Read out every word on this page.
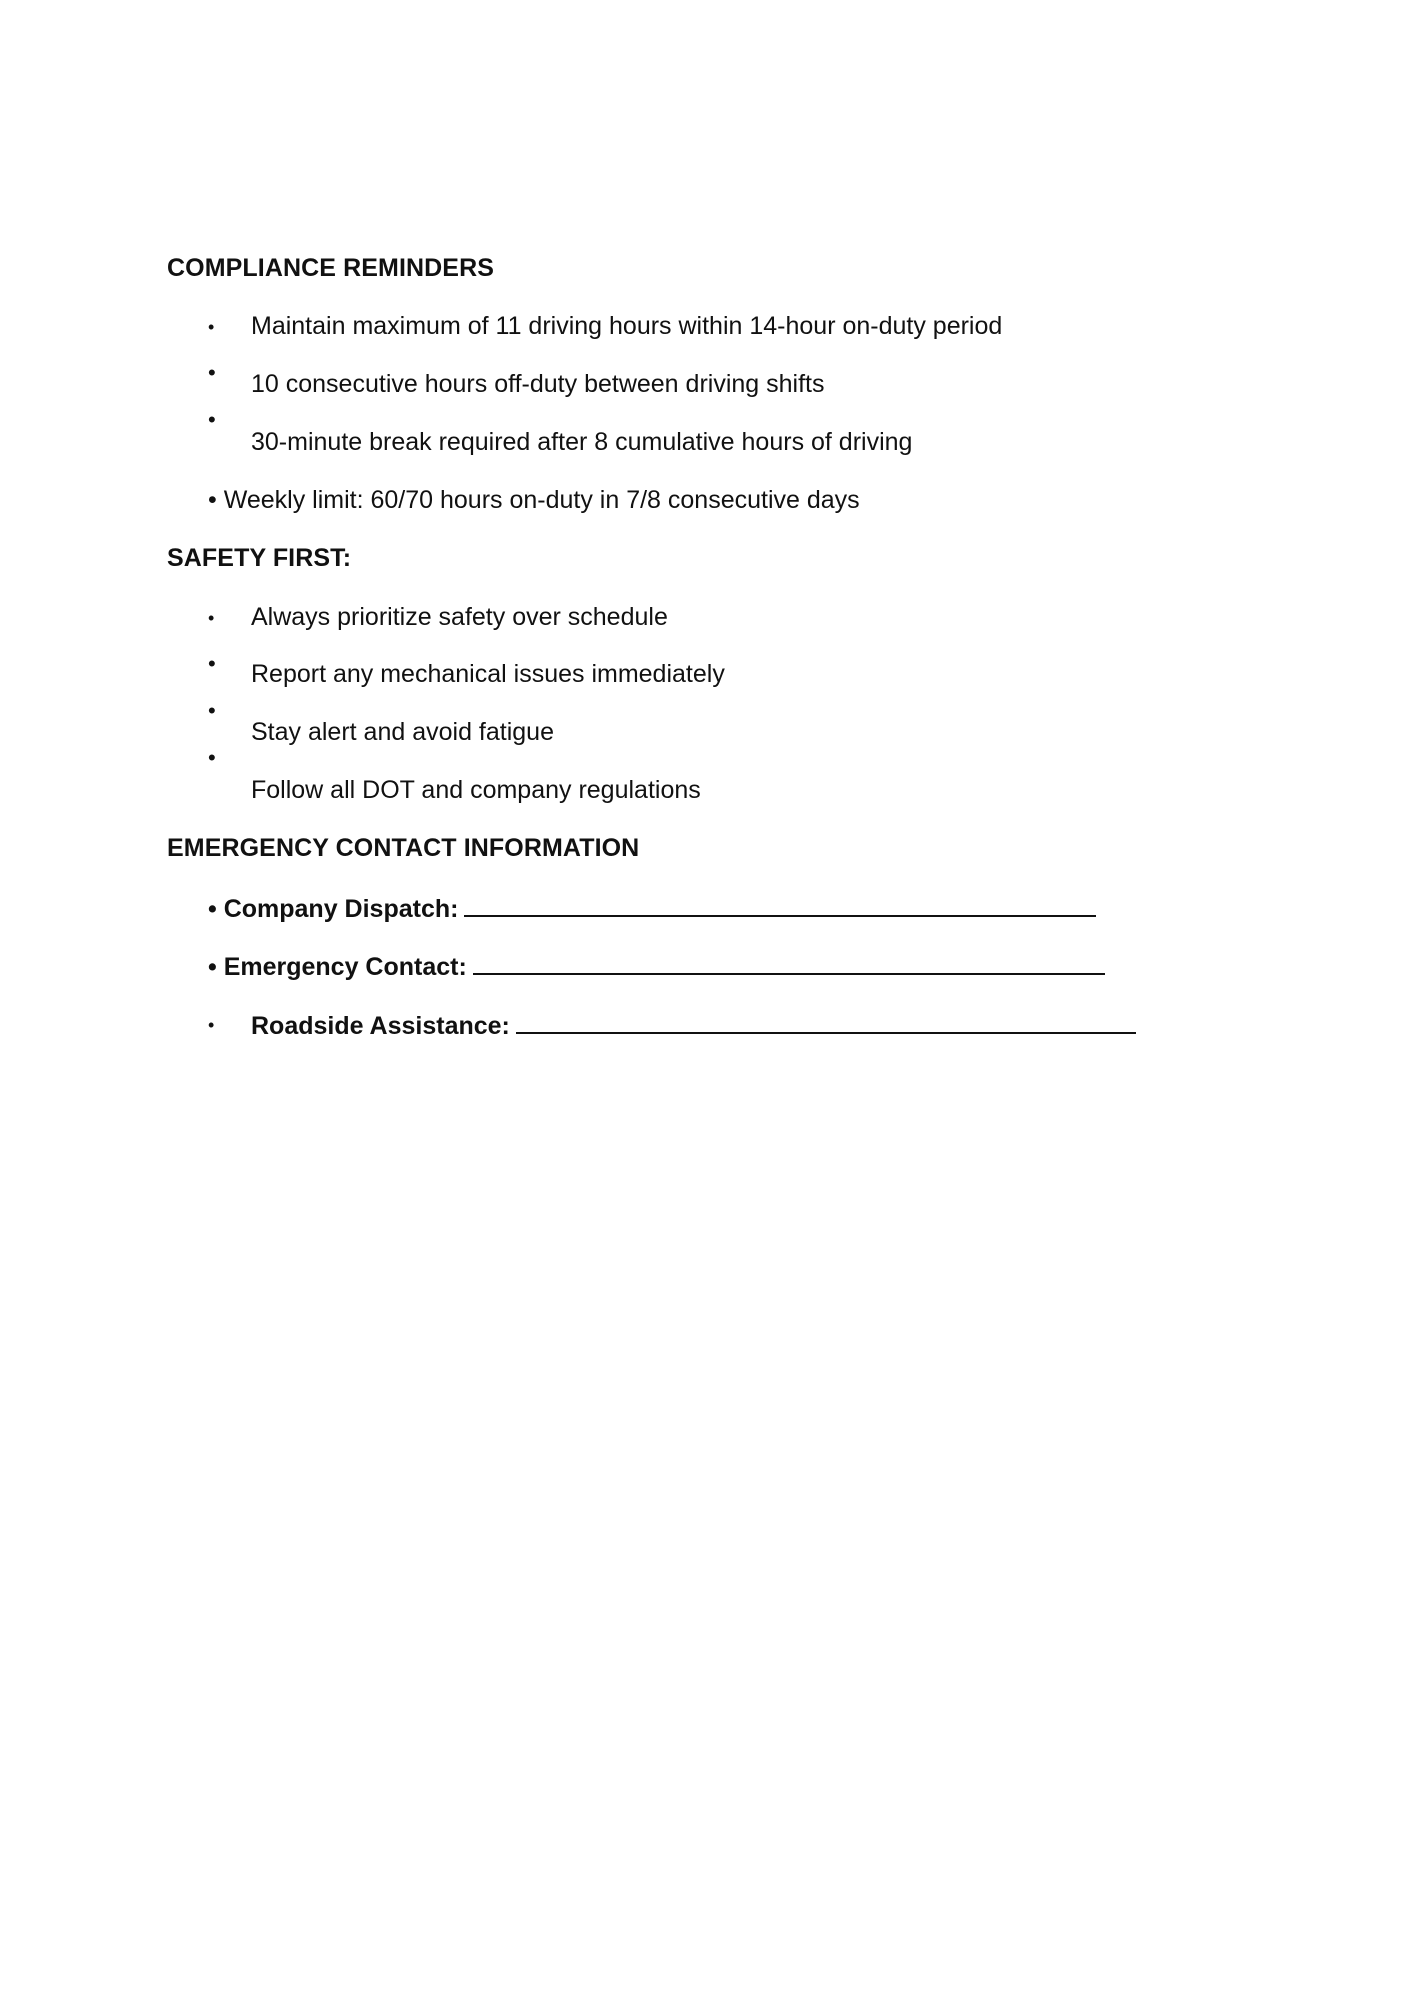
COMPLIANCE REMINDERS
• Maintain maximum of 11 driving hours within 14-hour on-duty period
• 10 consecutive hours off-duty between driving shifts
•
30-minute break required after 8 cumulative hours of driving
• Weekly limit: 60/70 hours on-duty in 7/8 consecutive days
SAFETY FIRST:
• Always prioritize safety over schedule
• Report any mechanical issues immediately
•
Stay alert and avoid fatigue
•
Follow all DOT and company regulations
EMERGENCY CONTACT INFORMATION
• Company Dispatch:
• Emergency Contact:
• Roadside Assistance:
